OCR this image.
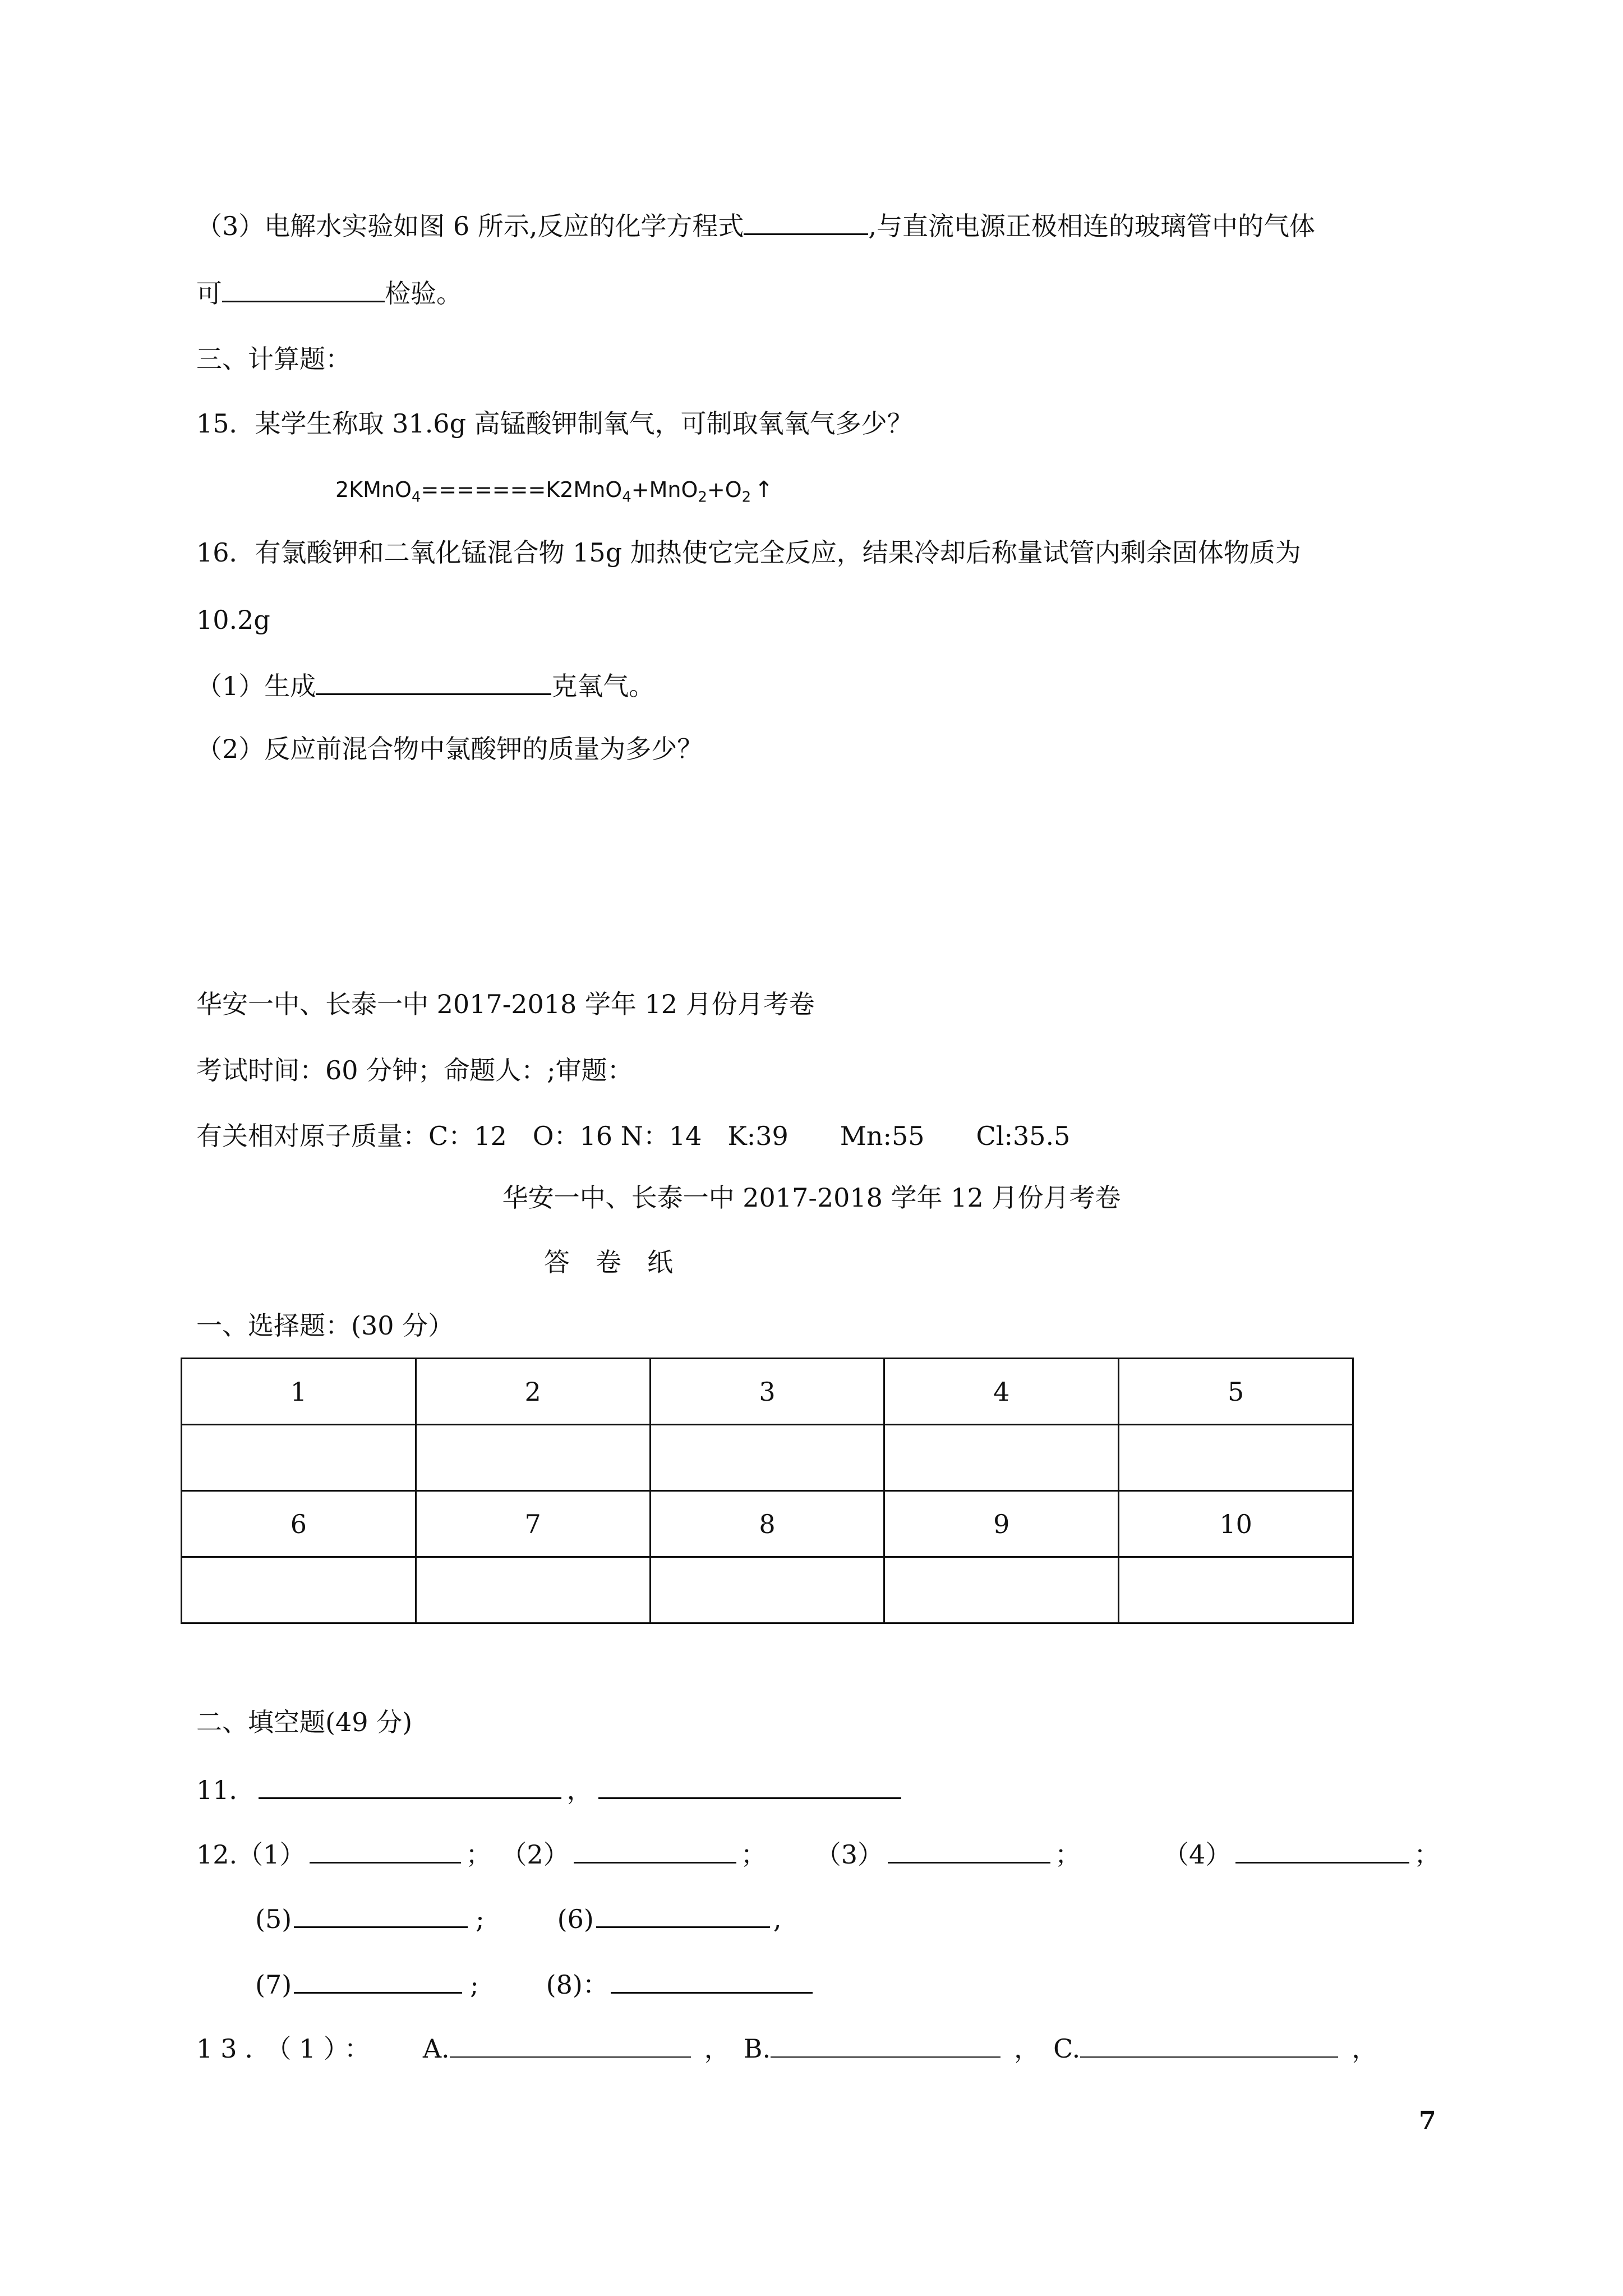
（3）电解水实验如图 6 所示,反应的化学方程式	,与直流电源正极相连的玻璃管中的气体
可	检验。
三、计算题：
15．某学生称取 31.6g 高锰酸钾制氧气，可制取氧氧气多少？
$2KMnO_4=======K2MnO_4+MnO_2+O_2$ ↑
16．有氯酸钾和二氧化锰混合物 15g 加热使它完全反应，结果冷却后称量试管内剩余固体物质为
10.2g
（1）生成	克氧气。
（2）反应前混合物中氯酸钾的质量为多少？
华安一中、长泰一中 2017-2018 学年 12 月份月考卷
考试时间：60 分钟；命题人：;审题：
有关相对原子质量：C：12　O：16 N：14　K:39　　Mn:55　　Cl:35.5
华安一中、长泰一中 2017-2018 学年 12 月份月考卷
答　卷　纸
一、选择题：(30 分）
1	2	3	4	5

6	7	8	9	10

二、填空题(49 分)
11．	，
12.（1）	； （2）	； （3）	；	（4）	；
(5)	;	(6)	,
(7)	;	(8)：
13．（1）： A.	， B.	， C.	，
7
